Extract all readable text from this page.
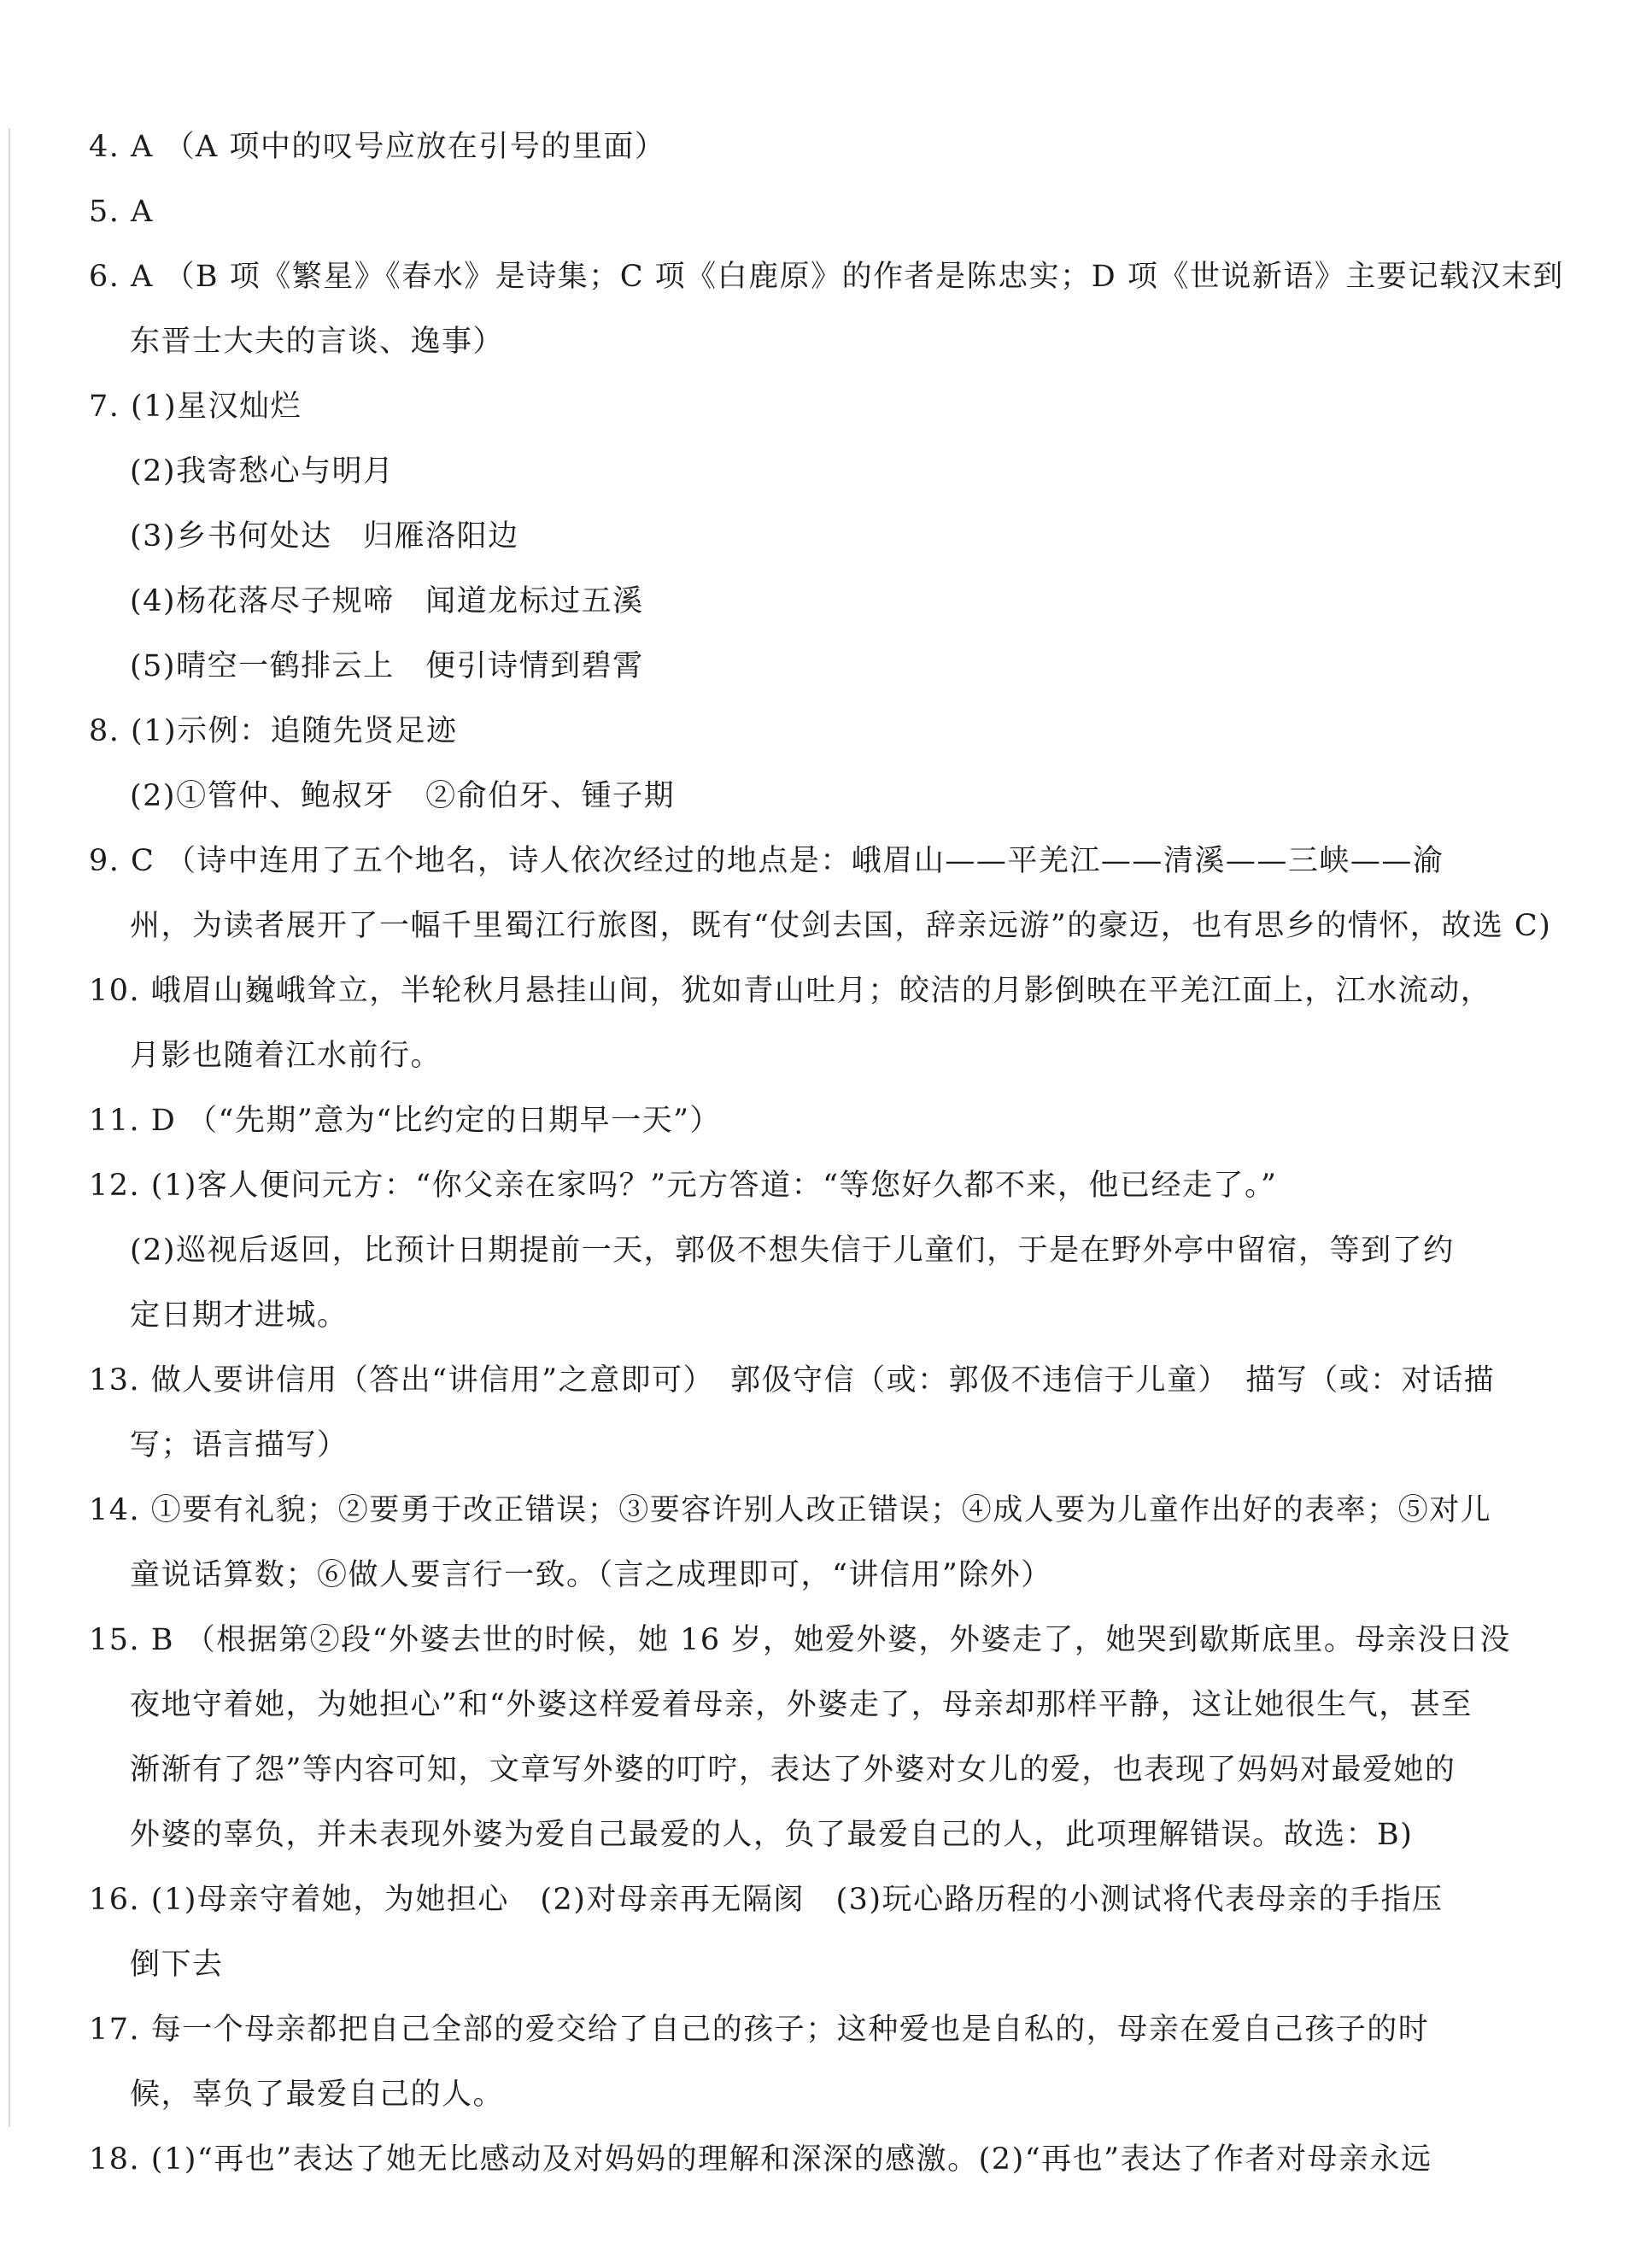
4. A （A 项中的叹号应放在引号的里面）
5. A
6. A （B 项《繁星》《春水》是诗集；C 项《白鹿原》的作者是陈忠实；D 项《世说新语》主要记载汉末到
东晋士大夫的言谈、逸事）
7. (1)星汉灿烂
(2)我寄愁心与明月
(3)乡书何处达　归雁洛阳边
(4)杨花落尽子规啼　闻道龙标过五溪
(5)晴空一鹤排云上　便引诗情到碧霄
8. (1)示例：追随先贤足迹
(2)①管仲、鲍叔牙　②俞伯牙、锺子期
9. C （诗中连用了五个地名，诗人依次经过的地点是：峨眉山——平羌江——清溪——三峡——渝
州，为读者展开了一幅千里蜀江行旅图，既有“仗剑去国，辞亲远游”的豪迈，也有思乡的情怀，故选 C)
10. 峨眉山巍峨耸立，半轮秋月悬挂山间，犹如青山吐月；皎洁的月影倒映在平羌江面上，江水流动，
月影也随着江水前行。
11. D （“先期”意为“比约定的日期早一天”）
12. (1)客人便问元方：“你父亲在家吗？”元方答道：“等您好久都不来，他已经走了。”
(2)巡视后返回，比预计日期提前一天，郭伋不想失信于儿童们，于是在野外亭中留宿，等到了约
定日期才进城。
13. 做人要讲信用（答出“讲信用”之意即可）　郭伋守信（或：郭伋不违信于儿童）　描写（或：对话描
写；语言描写）
14. ①要有礼貌；②要勇于改正错误；③要容许别人改正错误；④成人要为儿童作出好的表率；⑤对儿
童说话算数；⑥做人要言行一致。（言之成理即可，“讲信用”除外）
15. B （根据第②段“外婆去世的时候，她 16 岁，她爱外婆，外婆走了，她哭到歇斯底里。母亲没日没
夜地守着她，为她担心”和“外婆这样爱着母亲，外婆走了，母亲却那样平静，这让她很生气，甚至
渐渐有了怨”等内容可知，文章写外婆的叮咛，表达了外婆对女儿的爱，也表现了妈妈对最爱她的
外婆的辜负，并未表现外婆为爱自己最爱的人，负了最爱自己的人，此项理解错误。故选：B)
16. (1)母亲守着她，为她担心　(2)对母亲再无隔阂　(3)玩心路历程的小测试将代表母亲的手指压
倒下去
17. 每一个母亲都把自己全部的爱交给了自己的孩子；这种爱也是自私的，母亲在爱自己孩子的时
候，辜负了最爱自己的人。
18. (1)“再也”表达了她无比感动及对妈妈的理解和深深的感激。(2)“再也”表达了作者对母亲永远
